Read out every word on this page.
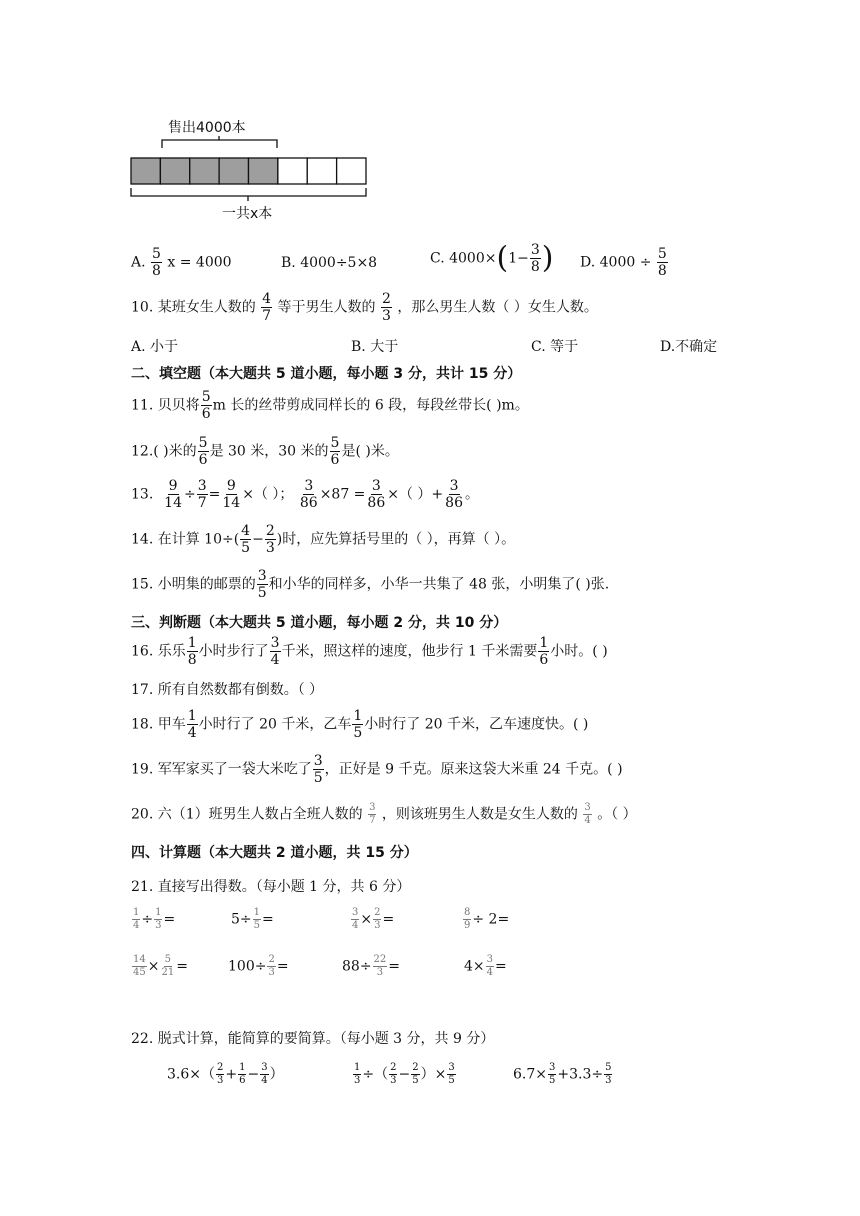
售出4000本
一共x本
A. $\frac{5}{8}$ x = 4000	B. 4000÷5×8	C. $4000\times(1- \frac{3}{8}$ ) D. $4000 \div \frac{5}{8}$
10. 某班女生人数的 $\frac{4}{7}$ 等于男生人数的 $\frac{2}{3}$ ，那么男生人数（ ）女生人数。
A. 小于	B. 大于	C. 等于	D.不确定
二、填空题（本大题共 5 道小题，每小题 3 分，共计 15 分）
11. 贝贝将 $\frac{5}{6}$ m 长的丝带剪成同样长的 6 段，每段丝带长( )m。
12.( )米的 $\frac{5}{6}$ 是 30 米，30 米的 $\frac{5}{6}$ 是( )米。
13. $\frac{9}{14} \div \frac{3}{7} = \frac{9}{14}$ ×（ ）； $\frac{3}{86} \times 87 = \frac{3}{86}$ ×（ ）+ $\frac{3}{86}$ 。
14. 在计算 $10\div( \frac{4}{5} - \frac{2}{3}$ )时，应先算括号里的（ ），再算（ ）。
15. 小明集的邮票的 $\frac{3}{5}$ 和小华的同样多，小华一共集了 48 张，小明集了( )张.
三、判断题（本大题共 5 道小题，每小题 2 分，共 10 分）
16. 乐乐 $\frac{1}{8}$ 小时步行了 $\frac{3}{4}$ 千米，照这样的速度，他步行 1 千米需要 $\frac{1}{6}$ 小时。( )
17. 所有自然数都有倒数。（ ）
18. 甲车 $\frac{1}{4}$ 小时行了 20 千米，乙车 $\frac{1}{5}$ 小时行了 20 千米，乙车速度快。( )
19. 军军家买了一袋大米吃了 $\frac{3}{5}$ ，正好是 9 千克。原来这袋大米重 24 千克。( )
20. 六（1）班男生人数占全班人数的 $\frac{3}{7}$ ，则该班男生人数是女生人数的 $\frac{3}{4}$ 。（ ）
四、计算题（本大题共 2 道小题，共 15 分）
21. 直接写出得数。（每小题 1 分，共 6 分）
$\frac{1}{4} \div \frac{1}{3}$ =	$5\div \frac{1}{5}$ =	$\frac{3}{4} \times \frac{2}{3}$ =	$\frac{8}{9} \div 2=$
$\frac{14}{45} \times \frac{5}{21}$ =	$100\div \frac{2}{3}$ =	$88\div \frac{22}{3}$ =	$4\times \frac{3}{4}$ =
22. 脱式计算，能简算的要简算。（每小题 3 分，共 9 分）
$3.6\times( \frac{2}{3} + \frac{1}{6} - \frac{3}{4}$ ）	$\frac{1}{3}$ ÷（ $\frac{2}{3} - \frac{2}{5}$ ）× $\frac{3}{5}$	$6.7\times \frac{3}{5} +3.3\div \frac{5}{3}$
